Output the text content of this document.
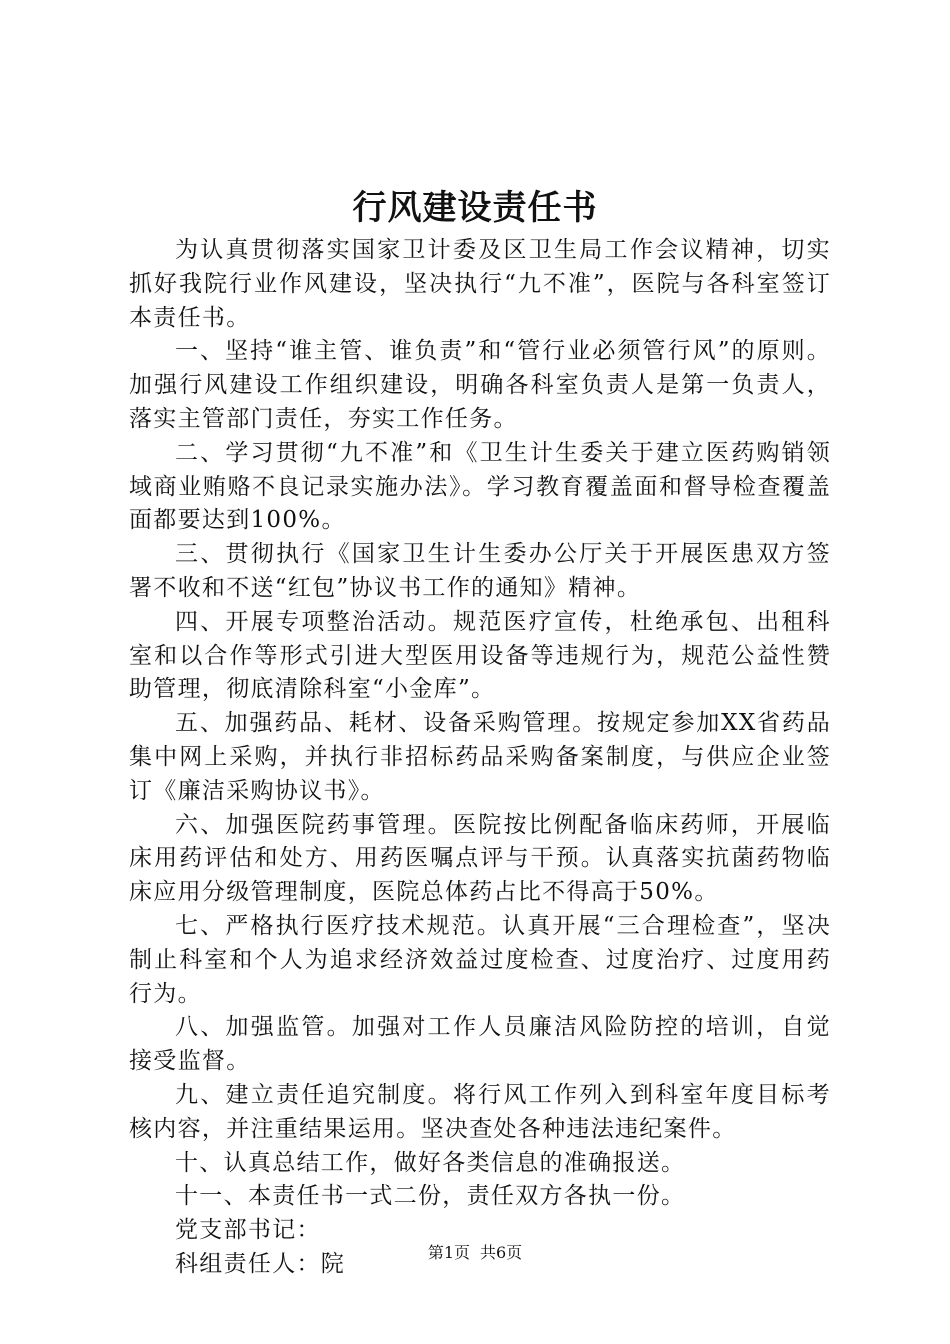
行风建设责任书

为认真贯彻落实国家卫计委及区卫生局工作会议精神，切实抓好我院行业作风建设，坚决执行“九不准”，医院与各科室签订本责任书。

一、坚持“谁主管、谁负责”和“管行业必须管行风”的原则。加强行风建设工作组织建设，明确各科室负责人是第一负责人，落实主管部门责任，夯实工作任务。

二、学习贯彻“九不准”和《卫生计生委关于建立医药购销领域商业贿赂不良记录实施办法》。学习教育覆盖面和督导检查覆盖面都要达到100%。

三、贯彻执行《国家卫生计生委办公厅关于开展医患双方签署不收和不送“红包”协议书工作的通知》精神。

四、开展专项整治活动。规范医疗宣传，杜绝承包、出租科室和以合作等形式引进大型医用设备等违规行为，规范公益性赞助管理，彻底清除科室“小金库”。

五、加强药品、耗材、设备采购管理。按规定参加XX省药品集中网上采购，并执行非招标药品采购备案制度，与供应企业签订《廉洁采购协议书》。

六、加强医院药事管理。医院按比例配备临床药师，开展临床用药评估和处方、用药医嘱点评与干预。认真落实抗菌药物临床应用分级管理制度，医院总体药占比不得高于50%。

七、严格执行医疗技术规范。认真开展“三合理检查”，坚决制止科室和个人为追求经济效益过度检查、过度治疗、过度用药行为。

八、加强监管。加强对工作人员廉洁风险防控的培训，自觉接受监督。

九、建立责任追究制度。将行风工作列入到科室年度目标考核内容，并注重结果运用。坚决查处各种违法违纪案件。

十、认真总结工作，做好各类信息的准确报送。

十一、本责任书一式二份，责任双方各执一份。

党支部书记：

科组责任人：院	第1页 共6页
